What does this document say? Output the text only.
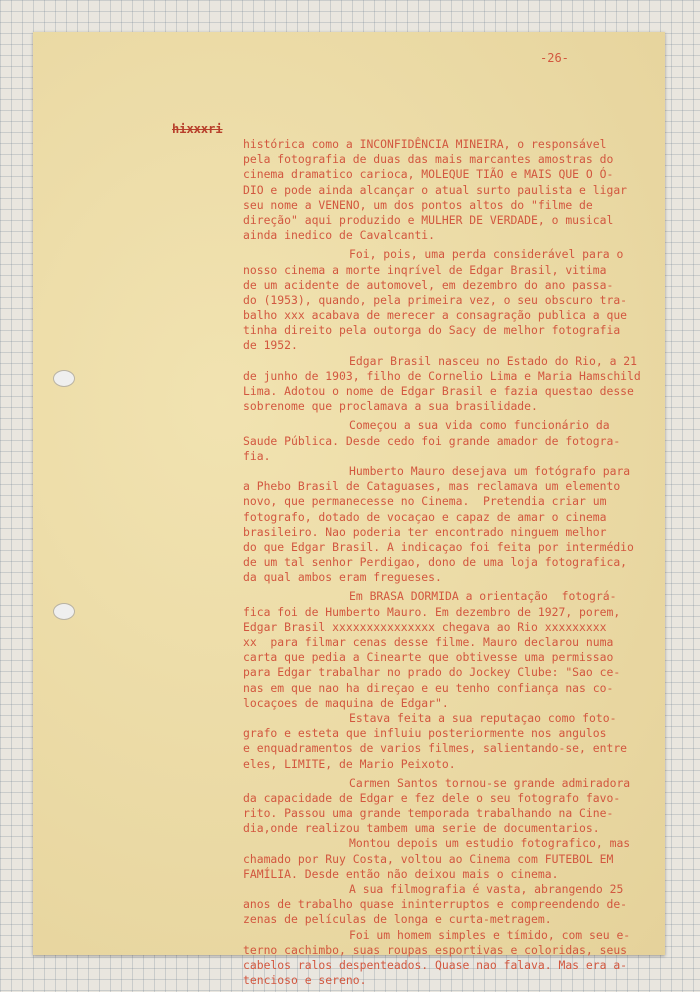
-26-
hixxxri
histórica como a INCONFIDÊNCIA MINEIRA, o responsável
pela fotografia de duas das mais marcantes amostras do
cinema dramatico carioca, MOLEQUE TIÃO e MAIS QUE O Ó-
DIO e pode ainda alcançar o atual surto paulista e ligar
seu nome a VENENO, um dos pontos altos do "filme de
direção" aqui produzido e MULHER DE VERDADE, o musical
ainda inedico de Cavalcanti.
Foi, pois, uma perda considerável para o
nosso cinema a morte inqrível de Edgar Brasil, vitima
de um acidente de automovel, em dezembro do ano passa-
do (1953), quando, pela primeira vez, o seu obscuro tra-
balho xxx acabava de merecer a consagração publica a que
tinha direito pela outorga do Sacy de melhor fotografia
de 1952.
Edgar Brasil nasceu no Estado do Rio, a 21
de junho de 1903, filho de Cornelio Lima e Maria Hamschild
Lima. Adotou o nome de Edgar Brasil e fazia questao desse
sobrenome que proclamava a sua brasilidade.
Começou a sua vida como funcionário da
Saude Pública. Desde cedo foi grande amador de fotogra-
fia.
Humberto Mauro desejava um fotógrafo para
a Phebo Brasil de Cataguases, mas reclamava um elemento
novo, que permanecesse no Cinema.  Pretendia criar um
fotografo, dotado de vocaçao e capaz de amar o cinema
brasileiro. Nao poderia ter encontrado ninguem melhor
do que Edgar Brasil. A indicaçao foi feita por intermédio
de um tal senhor Perdigao, dono de uma loja fotografica,
da qual ambos eram fregueses.
Em BRASA DORMIDA a orientação  fotográ-
fica foi de Humberto Mauro. Em dezembro de 1927, porem,
Edgar Brasil xxxxxxxxxxxxxxx chegava ao Rio xxxxxxxxx
xx  para filmar cenas desse filme. Mauro declarou numa
carta que pedia a Cinearte que obtivesse uma permissao
para Edgar trabalhar no prado do Jockey Clube: "Sao ce-
nas em que nao ha direçao e eu tenho confiança nas co-
locaçoes de maquina de Edgar".
Estava feita a sua reputaçao como foto-
grafo e esteta que influiu posteriormente nos angulos
e enquadramentos de varios filmes, salientando-se, entre
eles, LIMITE, de Mario Peixoto.
Carmen Santos tornou-se grande admiradora
da capacidade de Edgar e fez dele o seu fotografo favo-
rito. Passou uma grande temporada trabalhando na Cine-
dia,onde realizou tambem uma serie de documentarios.
Montou depois um estudio fotografico, mas
chamado por Ruy Costa, voltou ao Cinema com FUTEBOL EM
FAMÍLIA. Desde então não deixou mais o cinema.
A sua filmografia é vasta, abrangendo 25
anos de trabalho quase ininterruptos e compreendendo de-
zenas de películas de longa e curta-metragem.
Foi um homem simples e tímido, com seu e-
terno cachimbo, suas roupas esportivas e coloridas, seus
cabelos ralos despenteados. Quase nao falava. Mas era a-
tencioso e sereno.
